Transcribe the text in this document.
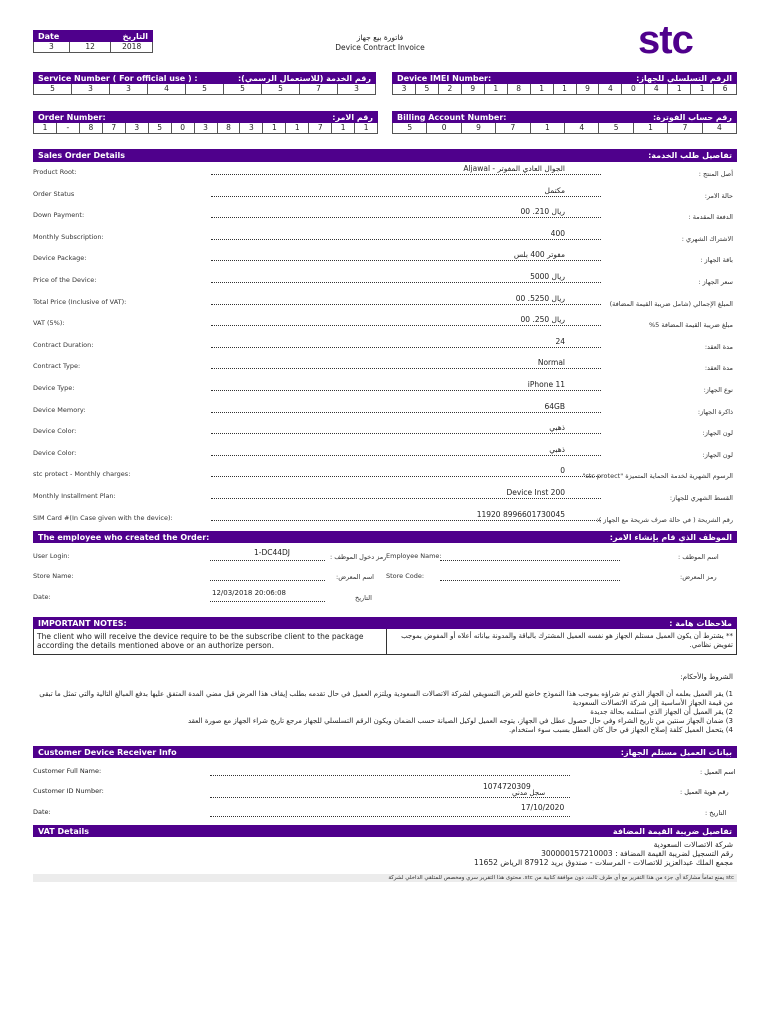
Date	التاريخ
3	12	2018
فاتورة بيع جهاز
Device Contract Invoice	stc
Service Number ( For official use ) :	رقم الخدمة (للاستعمال الرسمي):
5	3	3	4	5	5	5	7	3
Device IMEI Number:	الرقم التسلسلي للجهاز:
3	5	2	9	1	8	1	1	9	4	0	4	1	1	6
Order Number:	رقم الامر:
1	-	8	7	3	5	0	3	8	3	1	1	7	1	1
Billing Account Number:	رقم حساب الفوترة:
5	0	9	7	1	4	5	1	7	4
Sales Order Details	تفاصيل طلب الخدمة:
Product Root:	الجوال العادي المفوتر - Aljawal
أصل المنتج :
Order Status	مكتمل
حالة الامر:
Down Payment:	ريال 210. 00
الدفعة المقدمة :
Monthly Subscription:	400
الاشتراك الشهري :
Device Package:	مفوتر 400 بلس
باقة الجهاز :
Price of the Device:	ريال 5000
سعر الجهاز :
Total Price (Inclusive of VAT):	ريال 5250. 00
المبلغ الإجمالي (شامل ضريبة القيمة المضافة)
VAT (5%):	ريال 250. 00
مبلغ ضريبة القيمة المضافة 5%
Contract Duration:	24
مدة العقد:
Contract Type:	Normal
مدة العقد:
Device Type:	iPhone 11
نوع الجهاز:
Device Memory:	64GB
ذاكرة الجهاز:
Device Color:	ذهبي
لون الجهاز:
Device Color:	ذهبي
لون الجهاز:
stc protect - Monthly charges:	0
الرسوم الشهرية لخدمة الحماية المتميزة "stc protect"
Monthly Installment Plan:	Device Inst 200
القسط الشهري للجهاز:
SIM Card #(In Case given with the device):	8996601730045 11920
رقم الشريحة ( في حالة صرف شريحة مع الجهاز ):
The employee who created the Order:	الموظف الذي قام بإنشاء الامر:
User Login:	1-DC44DJ	رمز دخول الموظف : Employee Name:	اسم الموظف :
Store Name:	اسم المعرض: Store Code:	رمز المعرض:
Date:	12/03/2018 20:06:08
التاريخ
IMPORTANT NOTES:	ملاحظات هامة :
The client who will receive the device require to be the subscribe client to the package according the details mentioned above or an authorize person.
** يشترط أن يكون العميل مستلم الجهاز هو نفسه العميل المشترك بالباقة والمدونة بياناته أعلاه أو المفوض بموجب تفويض نظامي.
الشروط والأحكام:
1) يقر العميل بعلمه أن الجهاز الذي تم شراؤه بموجب هذا النموذج خاضع للعرض التسويقي لشركة الاتصالات السعودية ويلتزم العميل في حال تقدمه بطلب إيقاف هذا العرض قبل مضي المدة المتفق عليها بدفع المبالغ التالية والتي تمثل ما تبقى من قيمة الجهاز الأساسية إلى شركة الاتصالات السعودية
2) يقر العميل أن الجهاز الذي استلمه بحالة جديدة
3) ضمان الجهاز سنتين من تاريخ الشراء وفي حال حصول عطل في الجهاز، يتوجه العميل لوكيل الصيانة حسب الضمان ويكون الرقم التسلسلي للجهاز مرجع تاريخ شراء الجهاز مع صورة العقد
4) يتحمل العميل كلفة إصلاح الجهاز في حال كان العطل بسبب سوء استخدام.
Customer Device Receiver Info	بيانات العميل مستلم الجهاز:
Customer Full Name:	اسم العميل :
Customer ID Number:	1074720309
سجل مدني	رقم هوية العميل :
Date:	17/10/2020
التاريخ :
VAT Details	تفاصيل ضريبة القيمة المضافة
شركة الاتصالات السعودية
رقم التسجيل لضريبة القيمة المضافة : 300000157210003
مجمع الملك عبدالعزيز للاتصالات - المرسلات - صندوق بريد 87912 الرياض 11652
stc يمنع تماماً مشاركة أي جزء من هذا التقرير مع أي طرف ثالث، دون موافقة كتابية من stc. محتوى هذا التقرير سري ومخصص للمتلقي الداخلي لشركة
